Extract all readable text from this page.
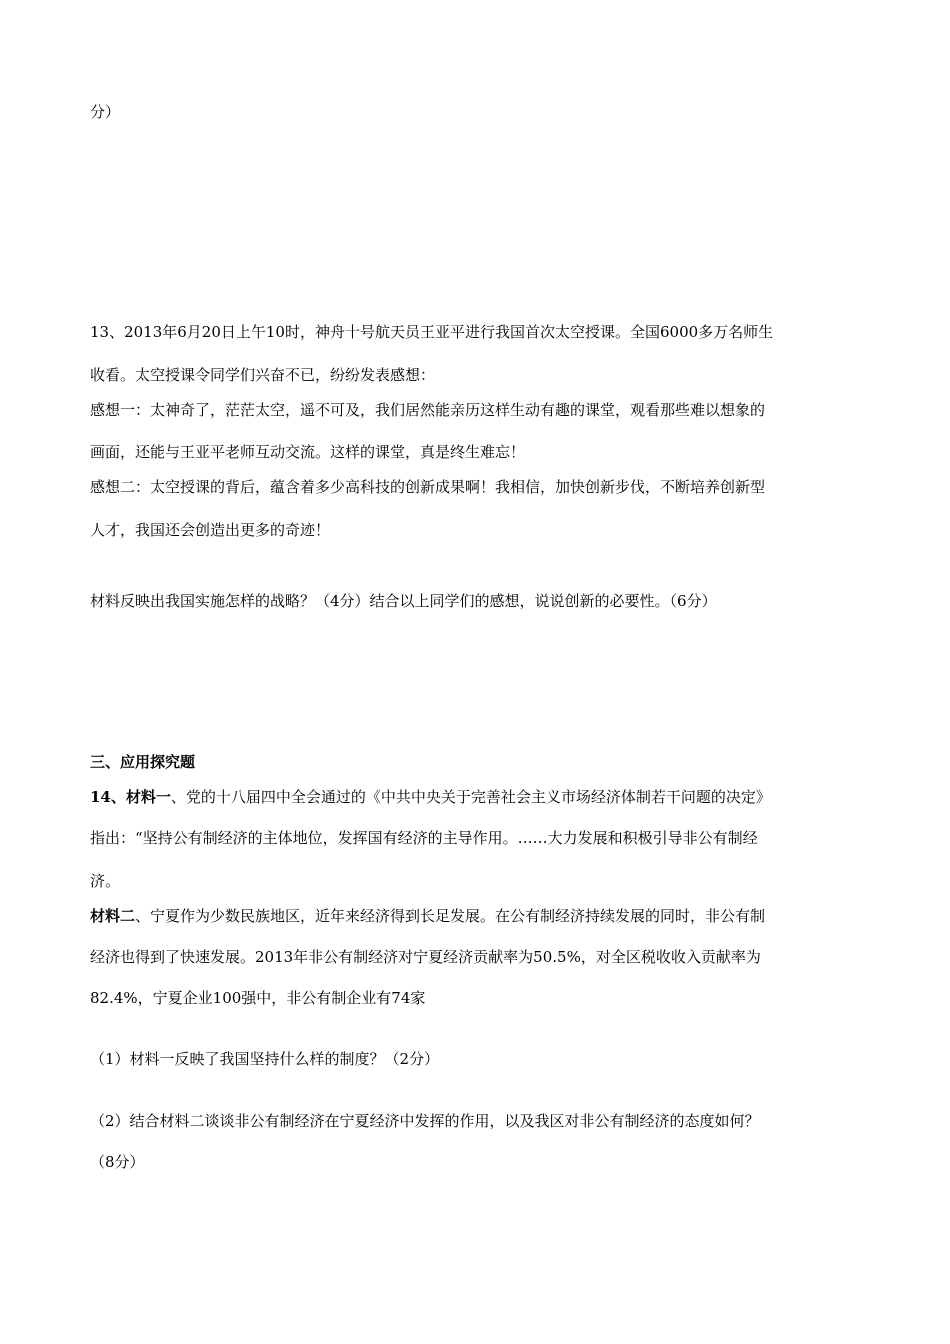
分）
13、2013年6月20日上午10时，神舟十号航天员王亚平进行我国首次太空授课。全国6000多万名师生
收看。太空授课令同学们兴奋不已，纷纷发表感想：
感想一：太神奇了，茫茫太空，遥不可及，我们居然能亲历这样生动有趣的课堂，观看那些难以想象的
画面，还能与王亚平老师互动交流。这样的课堂，真是终生难忘！
感想二：太空授课的背后，蕴含着多少高科技的创新成果啊！我相信，加快创新步伐，不断培养创新型
人才，我国还会创造出更多的奇迹！
材料反映出我国实施怎样的战略？（4分）结合以上同学们的感想，说说创新的必要性。（6分）
三、应用探究题
14、材料一、党的十八届四中全会通过的《中共中央关于完善社会主义市场经济体制若干问题的决定》
指出：“坚持公有制经济的主体地位，发挥国有经济的主导作用。……大力发展和积极引导非公有制经
济。
材料二、宁夏作为少数民族地区，近年来经济得到长足发展。在公有制经济持续发展的同时，非公有制
经济也得到了快速发展。2013年非公有制经济对宁夏经济贡献率为50.5%，对全区税收收入贡献率为
82.4%，宁夏企业100强中，非公有制企业有74家
（1）材料一反映了我国坚持什么样的制度？（2分）
（2）结合材料二谈谈非公有制经济在宁夏经济中发挥的作用，以及我区对非公有制经济的态度如何？
（8分）
